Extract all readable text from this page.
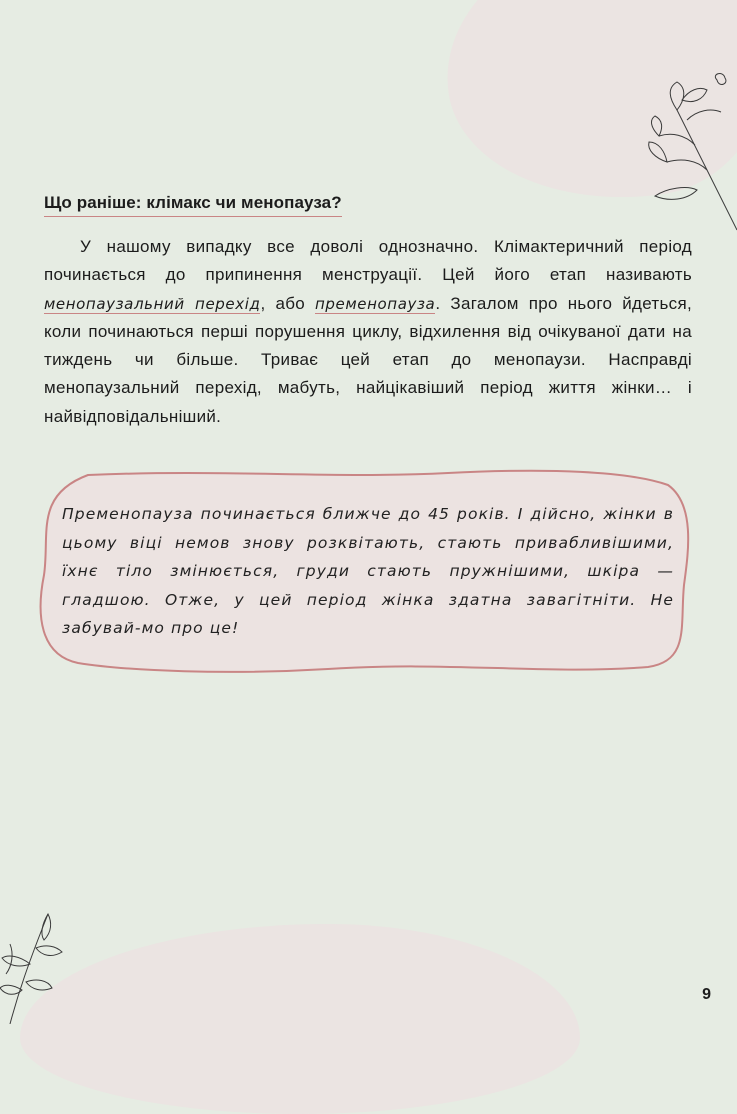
Що раніше: клімакс чи менопауза?

У нашому випадку все доволі однозначно. Клімактеричний період починається до припинення менструації. Цей його етап називають менопаузальний перехід, або пременопауза. Загалом про нього йдеться, коли починаються перші порушення циклу, відхилення від очікуваної дати на тиждень чи більше. Триває цей етап до менопаузи. Насправді менопаузальний перехід, мабуть, найцікавіший період життя жінки… і найвідповідальніший.

Пременопауза починається ближче до 45 років. І дійсно, жінки в цьому віці немов знову розквітають, стають привабливішими, їхнє тіло змінюється, груди стають пружнішими, шкіра — гладшою. Отже, у цей період жінка здатна завагітніти. Не забувай-мо про це!

9
